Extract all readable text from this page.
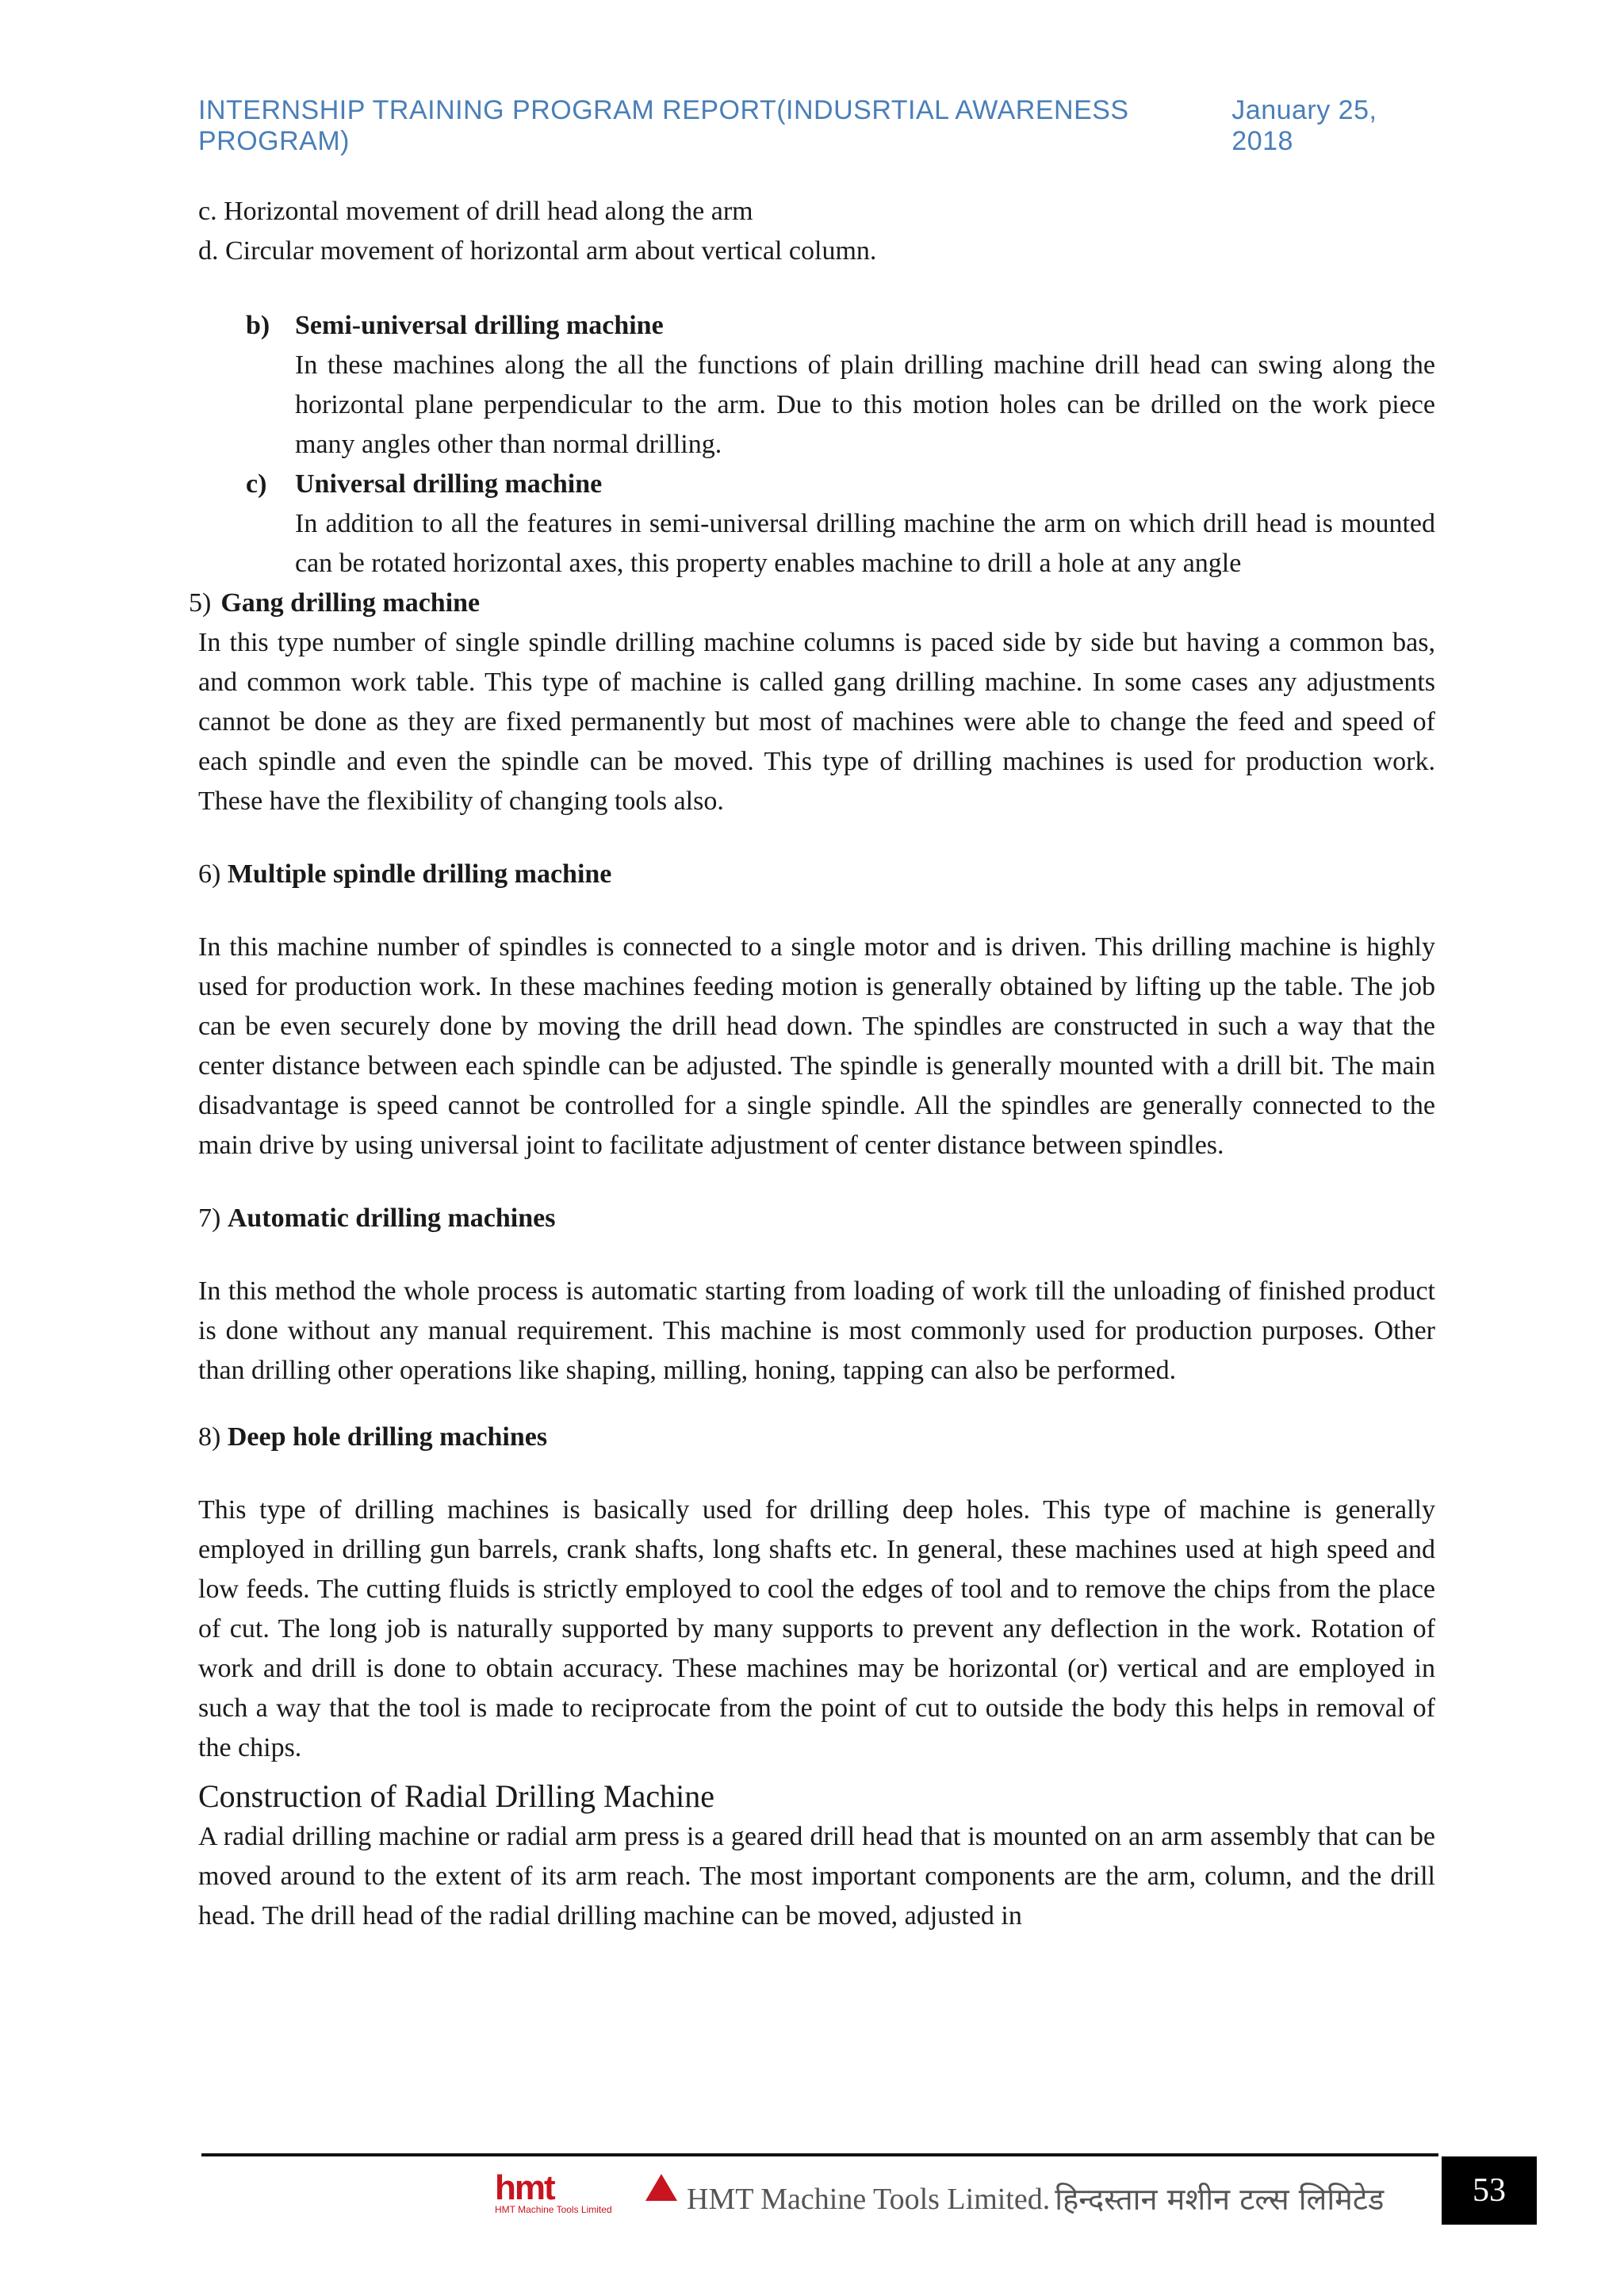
INTERNSHIP TRAINING PROGRAM REPORT(INDUSRTIAL AWARENESS PROGRAM)
January 25, 2018

c. Horizontal movement of drill head along the arm

d. Circular movement of horizontal arm about vertical column.

b) Semi-universal drilling machine

In these machines along the all the functions of plain drilling machine drill head can swing along the horizontal plane perpendicular to the arm. Due to this motion holes can be drilled on the work piece many angles other than normal drilling.

c)	Universal drilling machine

In addition to all the features in semi-universal drilling machine the arm on which drill head is mounted can be rotated horizontal axes, this property enables machine to drill a hole at any angle

5) Gang drilling machine

In this type number of single spindle drilling machine columns is paced side by side but having a common bas, and common work table. This type of machine is called gang drilling machine. In some cases any adjustments cannot be done as they are fixed permanently but most of machines were able to change the feed and speed of each spindle and even the spindle can be moved. This type of drilling machines is used for production work. These have the flexibility of changing tools also.

6) Multiple spindle drilling machine

In this machine number of spindles is connected to a single motor and is driven. This drilling machine is highly used for production work. In these machines feeding motion is generally obtained by lifting up the table. The job can be even securely done by moving the drill head down. The spindles are constructed in such a way that the center distance between each spindle can be adjusted. The spindle is generally mounted with a drill bit. The main disadvantage is speed cannot be controlled for a single spindle. All the spindles are generally connected to the main drive by using universal joint to facilitate adjustment of center distance between spindles.

7) Automatic drilling machines

In this method the whole process is automatic starting from loading of work till the unloading of finished product is done without any manual requirement. This machine is most commonly used for production purposes. Other than drilling other operations like shaping, milling, honing, tapping can also be performed.

8) Deep hole drilling machines

This type of drilling machines is basically used for drilling deep holes. This type of machine is generally employed in drilling gun barrels, crank shafts, long shafts etc. In general, these machines used at high speed and low feeds. The cutting fluids is strictly employed to cool the edges of tool and to remove the chips from the place of cut. The long job is naturally supported by many supports to prevent any deflection in the work. Rotation of work and drill is done to obtain accuracy. These machines may be horizontal (or) vertical and are employed in such a way that the tool is made to reciprocate from the point of cut to outside the body this helps in removal of the chips.

Construction of Radial Drilling Machine

A radial drilling machine or radial arm press is a geared drill head that is mounted on an arm assembly that can be moved around to the extent of its arm reach. The most important components are the arm, column, and the drill head. The drill head of the radial drilling machine can be moved, adjusted in

hmt
HMT Machine Tools Limited HMT Machine Tools Limited. हिन्दस्तान मशीन टल्स लिमिटेड	53
